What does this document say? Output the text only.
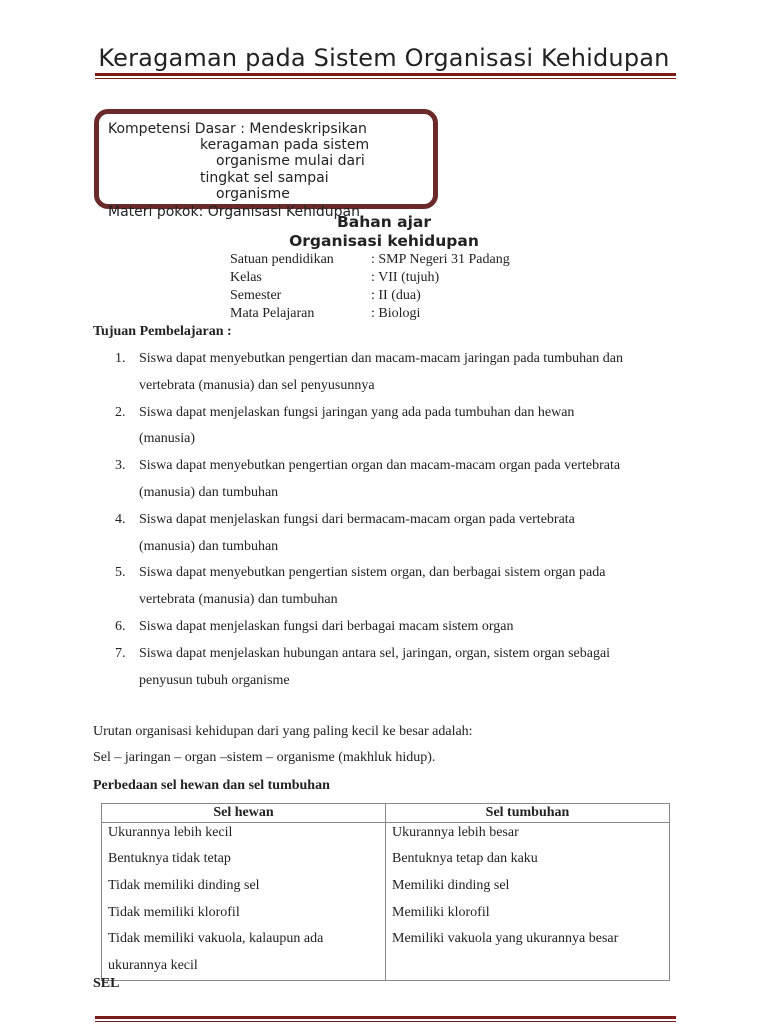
Keragaman pada Sistem Organisasi Kehidupan
Kompetensi Dasar : Mendeskripsikan
keragaman pada sistem
organisme mulai dari
tingkat sel sampai
organisme
Materi pokok: Organisasi Kehidupan
Bahan ajar
Organisasi kehidupan
Satuan pendidikan	: SMP Negeri 31 Padang
Kelas	: VII (tujuh)
Semester	: II (dua)
Mata Pelajaran	: Biologi
Tujuan Pembelajaran :
1. Siswa dapat menyebutkan pengertian dan macam-macam jaringan pada tumbuhan dan
vertebrata (manusia) dan sel penyusunnya
2. Siswa dapat menjelaskan fungsi jaringan yang ada pada tumbuhan dan hewan
(manusia)
3. Siswa dapat menyebutkan pengertian organ dan macam-macam organ pada vertebrata
(manusia) dan tumbuhan
4. Siswa dapat menjelaskan fungsi dari bermacam-macam organ pada vertebrata
(manusia) dan tumbuhan
5. Siswa dapat menyebutkan pengertian sistem organ, dan berbagai sistem organ pada
vertebrata (manusia) dan tumbuhan
6. Siswa dapat menjelaskan fungsi dari berbagai macam sistem organ
7. Siswa dapat menjelaskan hubungan antara sel, jaringan, organ, sistem organ sebagai
penyusun tubuh organisme
Urutan organisasi kehidupan dari yang paling kecil ke besar adalah:
Sel – jaringan – organ –sistem – organisme (makhluk hidup).
Perbedaan sel hewan dan sel tumbuhan
Sel hewan	Sel tumbuhan
Ukurannya lebih kecil	Ukurannya lebih besar
Bentuknya tidak tetap	Bentuknya tetap dan kaku
Tidak memiliki dinding sel	Memiliki dinding sel
Tidak memiliki klorofil	Memiliki klorofil
Tidak memiliki vakuola, kalaupun ada	Memiliki vakuola yang ukurannya besar
ukurannya kecil	
SEL
